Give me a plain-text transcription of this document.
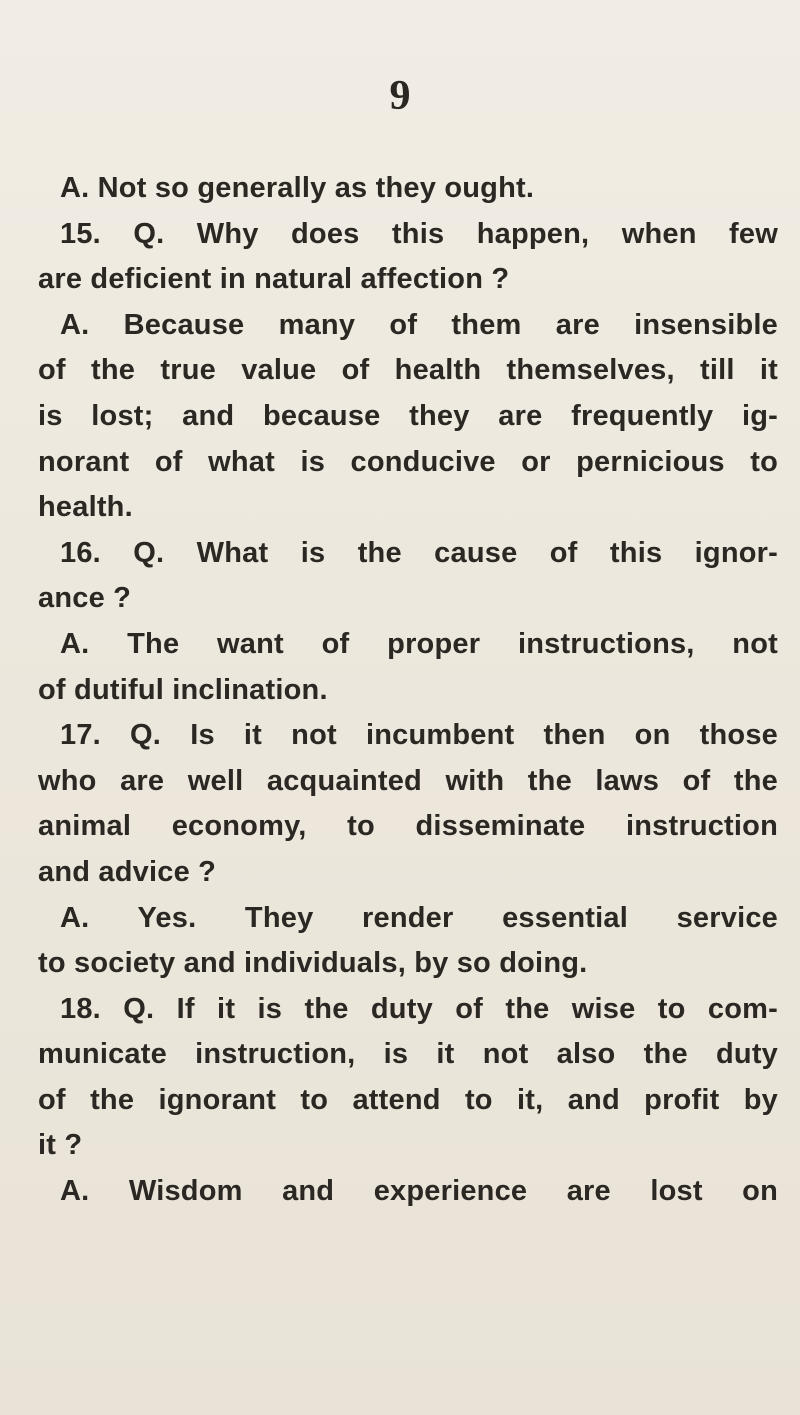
9
A. Not so generally as they ought.
15. Q. Why does this happen, when few
are deficient in natural affection ?
A. Because many of them are insensible
of the true value of health themselves, till it
is lost; and because they are frequently ig-
norant of what is conducive or pernicious to
health.
16. Q. What is the cause of this ignor-
ance ?
A. The want of proper instructions, not
of dutiful inclination.
17. Q. Is it not incumbent then on those
who are well acquainted with the laws of the
animal economy, to disseminate instruction
and advice ?
A. Yes. They render essential service
to society and individuals, by so doing.
18. Q. If it is the duty of the wise to com-
municate instruction, is it not also the duty
of the ignorant to attend to it, and profit by
it ?
A. Wisdom and experience are lost on
